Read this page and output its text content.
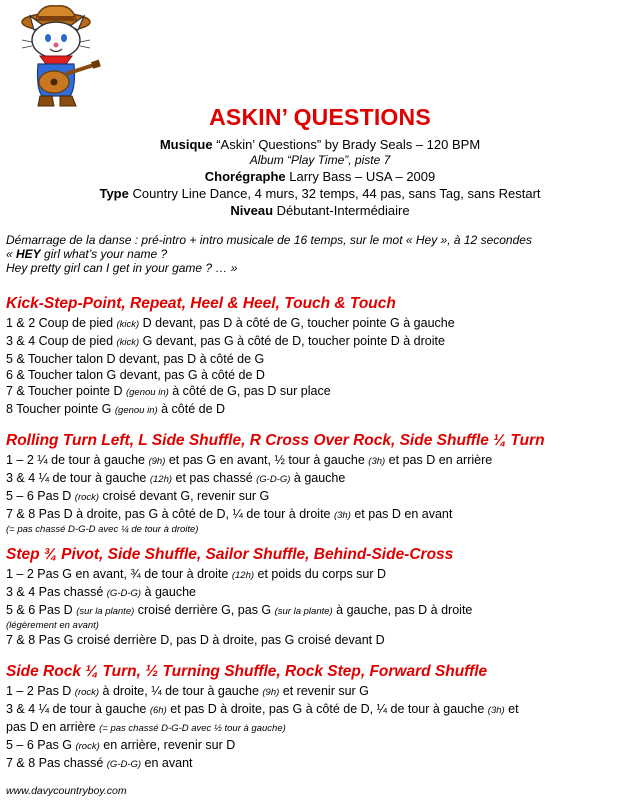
ASKIN’ QUESTIONS
Musique “Askin’ Questions” by Brady Seals – 120 BPM
Album “Play Time”, piste 7
Chorégraphe Larry Bass – USA – 2009
Type Country Line Dance, 4 murs, 32 temps, 44 pas, sans Tag, sans Restart
Niveau Débutant-Intermédiaire
Démarrage de la danse : pré-intro + intro musicale de 16 temps, sur le mot « Hey », à 12 secondes
« HEY girl what’s your name ?
Hey pretty girl can I get in your game ? … »
Kick-Step-Point, Repeat, Heel & Heel, Touch & Touch
1 & 2 Coup de pied (kick) D devant, pas D à côté de G, toucher pointe G à gauche
3 & 4 Coup de pied (kick) G devant, pas G à côté de D, toucher pointe D à droite
5 & Toucher talon D devant, pas D à côté de G
6 & Toucher talon G devant, pas G à côté de D
7 & Toucher pointe D (genou in) à côté de G, pas D sur place
8 Toucher pointe G (genou in) à côté de D
Rolling Turn Left, L Side Shuffle, R Cross Over Rock, Side Shuffle ¼ Turn
1 – 2 ¼ de tour à gauche (9h) et pas G en avant, ½ tour à gauche (3h) et pas D en arrière
3 & 4 ¼ de tour à gauche (12h) et pas chassé (G-D-G) à gauche
5 – 6 Pas D (rock) croisé devant G, revenir sur G
7 & 8 Pas D à droite, pas G à côté de D, ¼ de tour à droite (3h) et pas D en avant
(= pas chassé D-G-D avec ¼ de tour à droite)
Step ¾ Pivot, Side Shuffle, Sailor Shuffle, Behind-Side-Cross
1 – 2 Pas G en avant, ¾ de tour à droite (12h) et poids du corps sur D
3 & 4 Pas chassé (G-D-G) à gauche
5 & 6 Pas D (sur la plante) croisé derrière G, pas G (sur la plante) à gauche, pas D à droite
(légèrement en avant)
7 & 8 Pas G croisé derrière D, pas D à droite, pas G croisé devant D
Side Rock ¼ Turn, ½ Turning Shuffle, Rock Step, Forward Shuffle
1 – 2 Pas D (rock) à droite, ¼ de tour à gauche (9h) et revenir sur G
3 & 4 ¼ de tour à gauche (6h) et pas D à droite, pas G à côté de D, ¼ de tour à gauche (3h) et
pas D en arrière (= pas chassé D-G-D avec ½ tour à gauche)
5 – 6 Pas G (rock) en arrière, revenir sur D
7 & 8 Pas chassé (G-D-G) en avant
www.davycountryboy.com
